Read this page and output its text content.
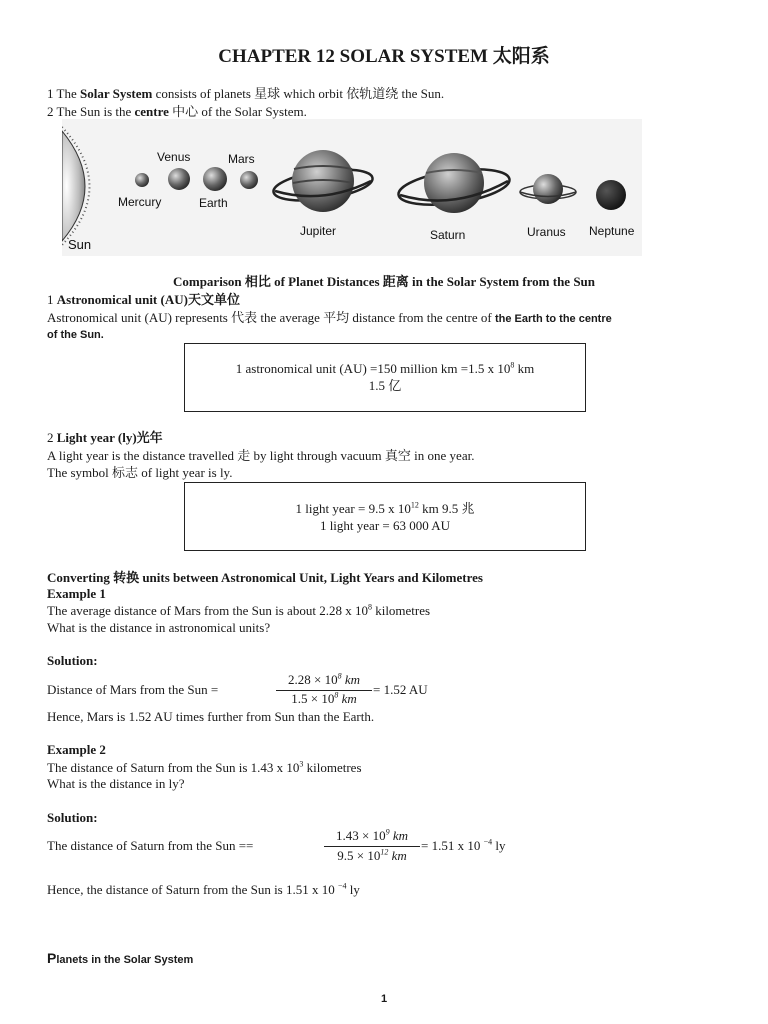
CHAPTER 12 SOLAR SYSTEM 太阳系
1 The Solar System consists of planets 星球 which orbit 依轨道绕 the Sun.
2 The Sun is the centre 中心 of the Solar System.
Sun
Mercury
Venus
Earth
Mars
Jupiter	Saturn	Uranus Neptune
Comparison 相比 of Planet Distances 距离 in the Solar System from the Sun
1 Astronomical unit (AU)天文单位
Astronomical unit (AU) represents 代表 the average 平均 distance from the centre of the Earth to the centre
of the Sun.
1 astronomical unit (AU) =150 million km =1.5 x $10^8$ km
1.5 亿
2 Light year (ly)光年
A light year is the distance travelled 走 by light through vacuum 真空 in one year.
The symbol 标志 of light year is ly.
1 light year = 9.5 x $10^{12}$ km 9.5 兆
1 light year = 63 000 AU
Converting 转换 units between Astronomical Unit, Light Years and Kilometres
Example 1
The average distance of Mars from the Sun is about 2.28 x $10^8$ kilometres
What is the distance in astronomical units?
Solution:
Distance of Mars from the Sun =
$2.28 \times 10^8$ km
$1.5 \times 10^8$ km
= 1.52 AU
Hence, Mars is 1.52 AU times further from Sun than the Earth.
Example 2
The distance of Saturn from the Sun is 1.43 x $10^3$ kilometres
What is the distance in ly?
Solution:
The distance of Saturn from the Sun ==
$1.43 \times 10^9$ km
$9.5 \times 10^{12}$ km
= 1.51 x 10 $^{-4}$ ly
Hence, the distance of Saturn from the Sun is 1.51 x 10 $^{-4}$ ly
Planets in the Solar System
1
